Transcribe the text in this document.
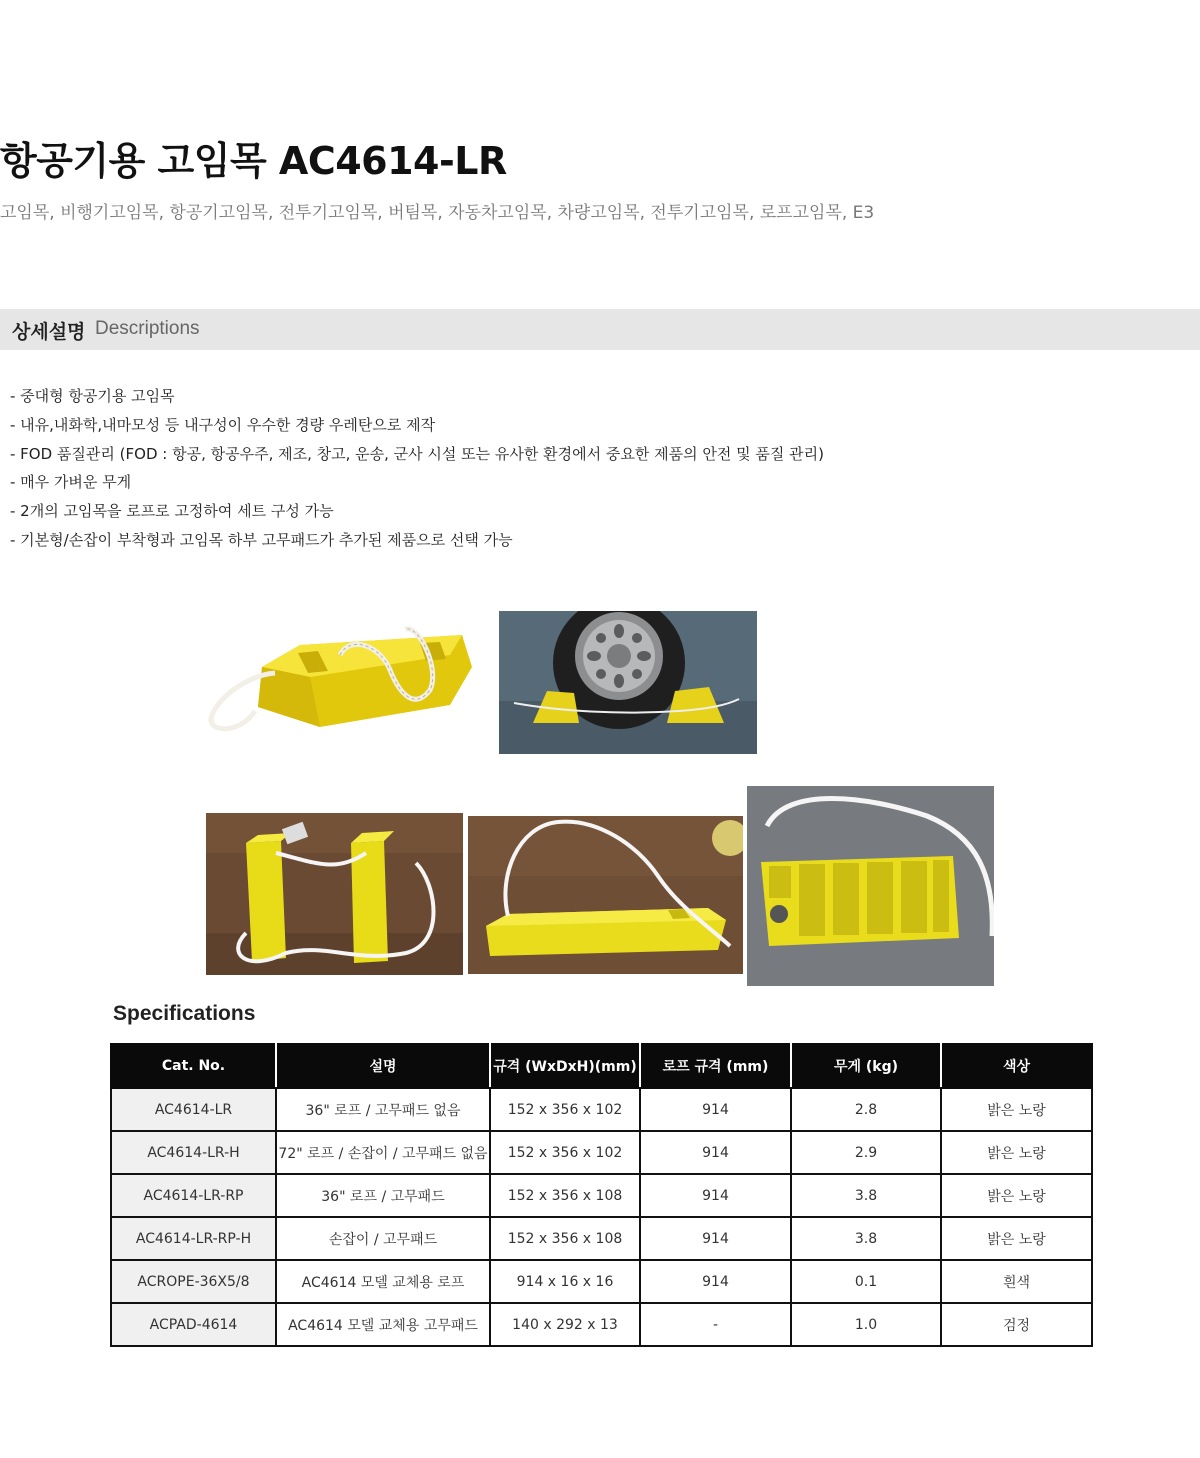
항공기용 고임목 AC4614-LR
고임목, 비행기고임목, 항공기고임목, 전투기고임목, 버팀목, 자동차고임목, 차량고임목, 전투기고임목, 로프고임목, E3
상세설명 Descriptions
- 중대형 항공기용 고임목
- 내유,내화학,내마모성 등 내구성이 우수한 경량 우레탄으로 제작
- FOD 품질관리 (FOD : 항공, 항공우주, 제조, 창고, 운송, 군사 시설 또는 유사한 환경에서 중요한 제품의 안전 및 품질 관리)
- 매우 가벼운 무게
- 2개의 고임목을 로프로 고정하여 세트 구성 가능
- 기본형/손잡이 부착형과 고임목 하부 고무패드가 추가된 제품으로 선택 가능
Specifications
Cat. No.	설명	규격 (WxDxH)(mm)	로프 규격 (mm)	무게 (kg)	색상
AC4614-LR	36" 로프 / 고무패드 없음	152 x 356 x 102	914	2.8	밝은 노랑
AC4614-LR-H	72" 로프 / 손잡이 / 고무패드 없음	152 x 356 x 102	914	2.9	밝은 노랑
AC4614-LR-RP	36" 로프 / 고무패드	152 x 356 x 108	914	3.8	밝은 노랑
AC4614-LR-RP-H	손잡이 / 고무패드	152 x 356 x 108	914	3.8	밝은 노랑
ACROPE-36X5/8	AC4614 모델 교체용 로프	914 x 16 x 16	914	0.1	흰색
ACPAD-4614	AC4614 모델 교체용 고무패드	140 x 292 x 13	-	1.0	검정
